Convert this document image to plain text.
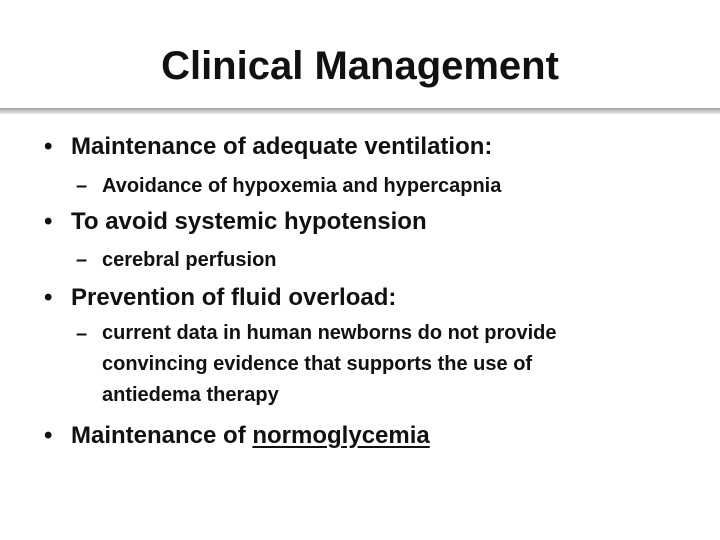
Clinical Management
• Maintenance of adequate ventilation:
– Avoidance of hypoxemia and hypercapnia
• To avoid systemic hypotension
– cerebral perfusion
• Prevention of fluid overload:
– current data in human newborns do not provide
convincing evidence that supports the use of
antiedema therapy
• Maintenance of normoglycemia
